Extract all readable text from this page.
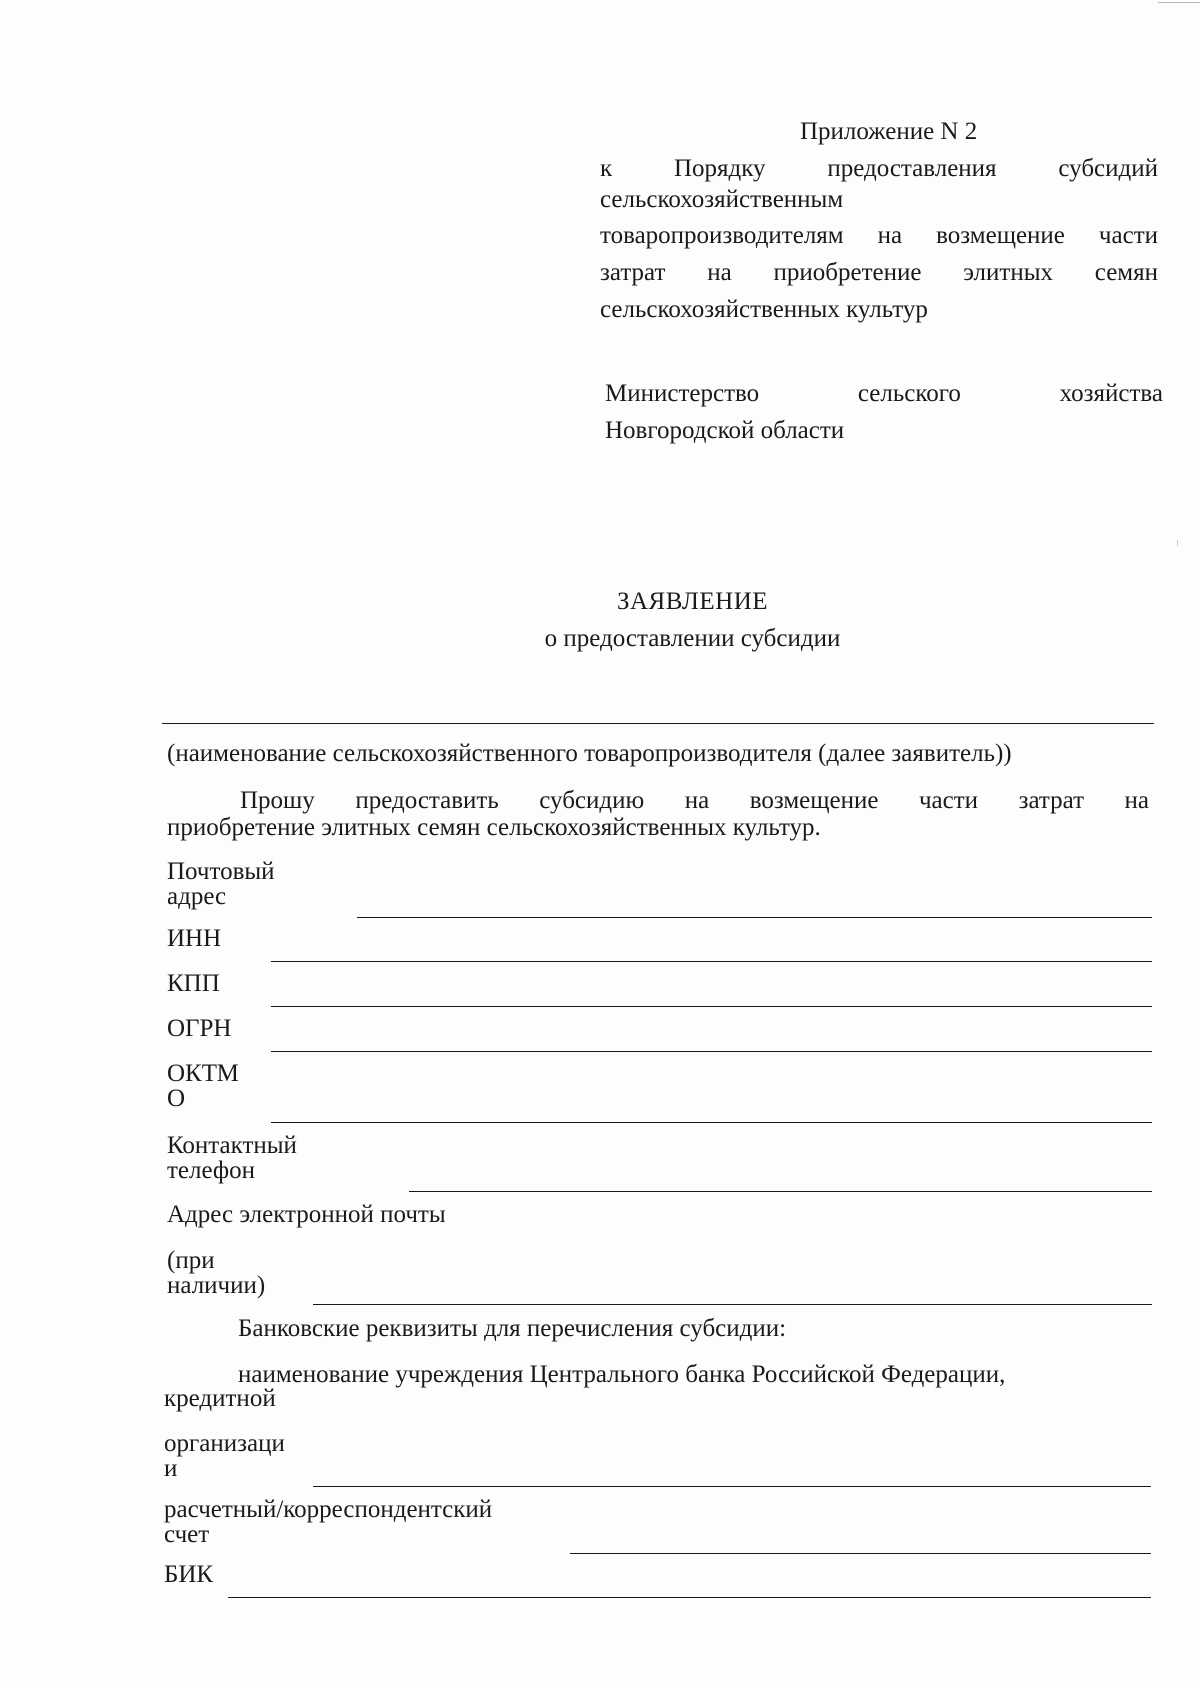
Приложение N 2
к Порядку предоставления субсидий
сельскохозяйственным
товаропроизводителям на возмещение части
затрат на приобретение элитных семян
сельскохозяйственных культур
Министерство сельского хозяйства
Новгородской области
ЗАЯВЛЕНИЕ
о предоставлении субсидии
(наименование сельскохозяйственного товаропроизводителя (далее заявитель))
Прошу предоставить субсидию на возмещение части затрат на
приобретение элитных семян сельскохозяйственных культур.
Почтовый
адрес
ИНН
КПП
ОГРН
ОКТМ
О
Контактный
телефон
Адрес электронной почты
(при
наличии)
Банковские реквизиты для перечисления субсидии:
наименование учреждения Центрального банка Российской Федерации,
кредитной
организаци
и
расчетный/корреспондентский
счет
БИК
